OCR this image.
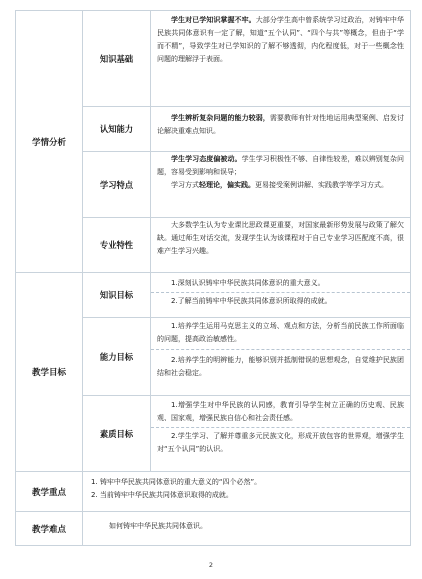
学情分析
知识基础

学生对已学知识掌握不牢。大部分学生高中曾系统学习过政治，对铸牢中华民族共同体意识有一定了解，知道“五个认同”、“四个与共”等概念，但由于“学而不精”，导致学生对已学知识的了解不够透彻，内化程度低，对于一些概念性问题的理解浮于表面。

认知能力

学生辨析复杂问题的能力较弱，需要教师有针对性地运用典型案例、启发讨论解决重难点知识。

学习特点

学生学习态度偏被动。学生学习积极性不够、自律性较差，难以辨别复杂问题，容易受到影响和误导；

学习方式轻理论，偏实践。更易接受案例讲解、实践教学等学习方式。

专业特性

大多数学生认为专业课比思政课更重要，对国家最新形势发展与政策了解欠缺。通过师生对话交流，发现学生认为该课程对于自己专业学习匹配度不高，很难产生学习兴趣。

教学目标
知识目标

1.深刻认识铸牢中华民族共同体意识的重大意义。

2.了解当前铸牢中华民族共同体意识所取得的成就。

能力目标

1.培养学生运用马克思主义的立场、观点和方法，分析当前民族工作所面临的问题，提高政治敏感性。

2.培养学生的明辨能力，能够识别并抵制错误的思想观念，自觉维护民族团结和社会稳定。

素质目标

1.增强学生对中华民族的认同感，教育引导学生树立正确的历史观、民族观、国家观，增强民族自信心和社会责任感。

2.学生学习、了解并尊重多元民族文化，形成开放包容的世界观，增强学生对“五个认同”的认识。

教学重点

1. 铸牢中华民族共同体意识的重大意义的“四个必然”。

2. 当前铸牢中华民族共同体意识取得的成就。

教学难点	如何铸牢中华民族共同体意识。

2
